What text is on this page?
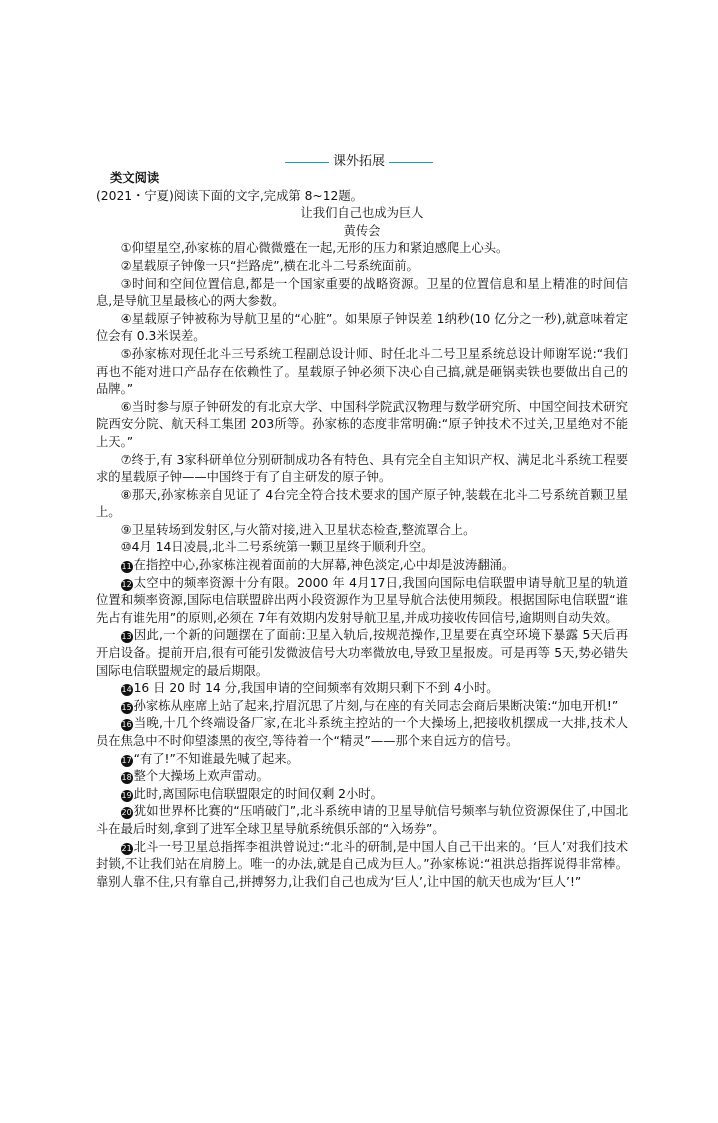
课外拓展

类文阅读

(2021・宁夏)阅读下面的文字,完成第 8~12题。

让我们自己也成为巨人

黄传会

①仰望星空,孙家栋的眉心微微蹙在一起,无形的压力和紧迫感爬上心头。

②星载原子钟像一只“拦路虎”,横在北斗二号系统面前。

③时间和空间位置信息,都是一个国家重要的战略资源。卫星的位置信息和星上精准的时间信息,是导航卫星最核心的两大参数。

④星载原子钟被称为导航卫星的“心脏”。如果原子钟误差 1纳秒(10 亿分之一秒),就意味着定位会有 0.3米误差。

⑤孙家栋对现任北斗三号系统工程副总设计师、时任北斗二号卫星系统总设计师谢军说:“我们再也不能对进口产品存在依赖性了。星载原子钟必须下决心自己搞,就是砸锅卖铁也要做出自己的品牌。”

⑥当时参与原子钟研发的有北京大学、中国科学院武汉物理与数学研究所、中国空间技术研究院西安分院、航天科工集团 203所等。孙家栋的态度非常明确:“原子钟技术不过关,卫星绝对不能上天。”

⑦终于,有 3家科研单位分别研制成功各有特色、具有完全自主知识产权、满足北斗系统工程要求的星载原子钟——中国终于有了自主研发的原子钟。

⑧那天,孙家栋亲自见证了 4台完全符合技术要求的国产原子钟,装载在北斗二号系统首颗卫星上。

⑨卫星转场到发射区,与火箭对接,进入卫星状态检查,整流罩合上。

⑩4月 14日凌晨,北斗二号系统第一颗卫星终于顺利升空。

11 在指控中心,孙家栋注视着面前的大屏幕,神色淡定,心中却是波涛翻涌。

12 太空中的频率资源十分有限。2000 年 4月17日,我国向国际电信联盟申请导航卫星的轨道位置和频率资源,国际电信联盟辟出两小段资源作为卫星导航合法使用频段。根据国际电信联盟“谁先占有谁先用”的原则,必须在 7年有效期内发射导航卫星,并成功接收传回信号,逾期则自动失效。

13 因此,一个新的问题摆在了面前:卫星入轨后,按规范操作,卫星要在真空环境下暴露 5天后再开启设备。提前开启,很有可能引发微波信号大功率微放电,导致卫星报废。可是再等 5天,势必错失国际电信联盟规定的最后期限。

14 16 日 20 时 14 分,我国申请的空间频率有效期只剩下不到 4小时。

15 孙家栋从座席上站了起来,拧眉沉思了片刻,与在座的有关同志会商后果断决策:“加电开机!”

16 当晚,十几个终端设备厂家,在北斗系统主控站的一个大操场上,把接收机摆成一大排,技术人员在焦急中不时仰望漆黑的夜空,等待着一个“精灵”——那个来自远方的信号。

17 “有了!”不知谁最先喊了起来。

18 整个大操场上欢声雷动。

19 此时,离国际电信联盟限定的时间仅剩 2小时。

20 犹如世界杯比赛的“压哨破门”,北斗系统申请的卫星导航信号频率与轨位资源保住了,中国北斗在最后时刻,拿到了进军全球卫星导航系统俱乐部的“入场券”。

21 北斗一号卫星总指挥李祖洪曾说过:“北斗的研制,是中国人自己干出来的。‘巨人’对我们技术封锁,不让我们站在肩膀上。唯一的办法,就是自己成为巨人。”孙家栋说:“祖洪总指挥说得非常棒。靠别人靠不住,只有靠自己,拼搏努力,让我们自己也成为‘巨人’,让中国的航天也成为‘巨人’!”
